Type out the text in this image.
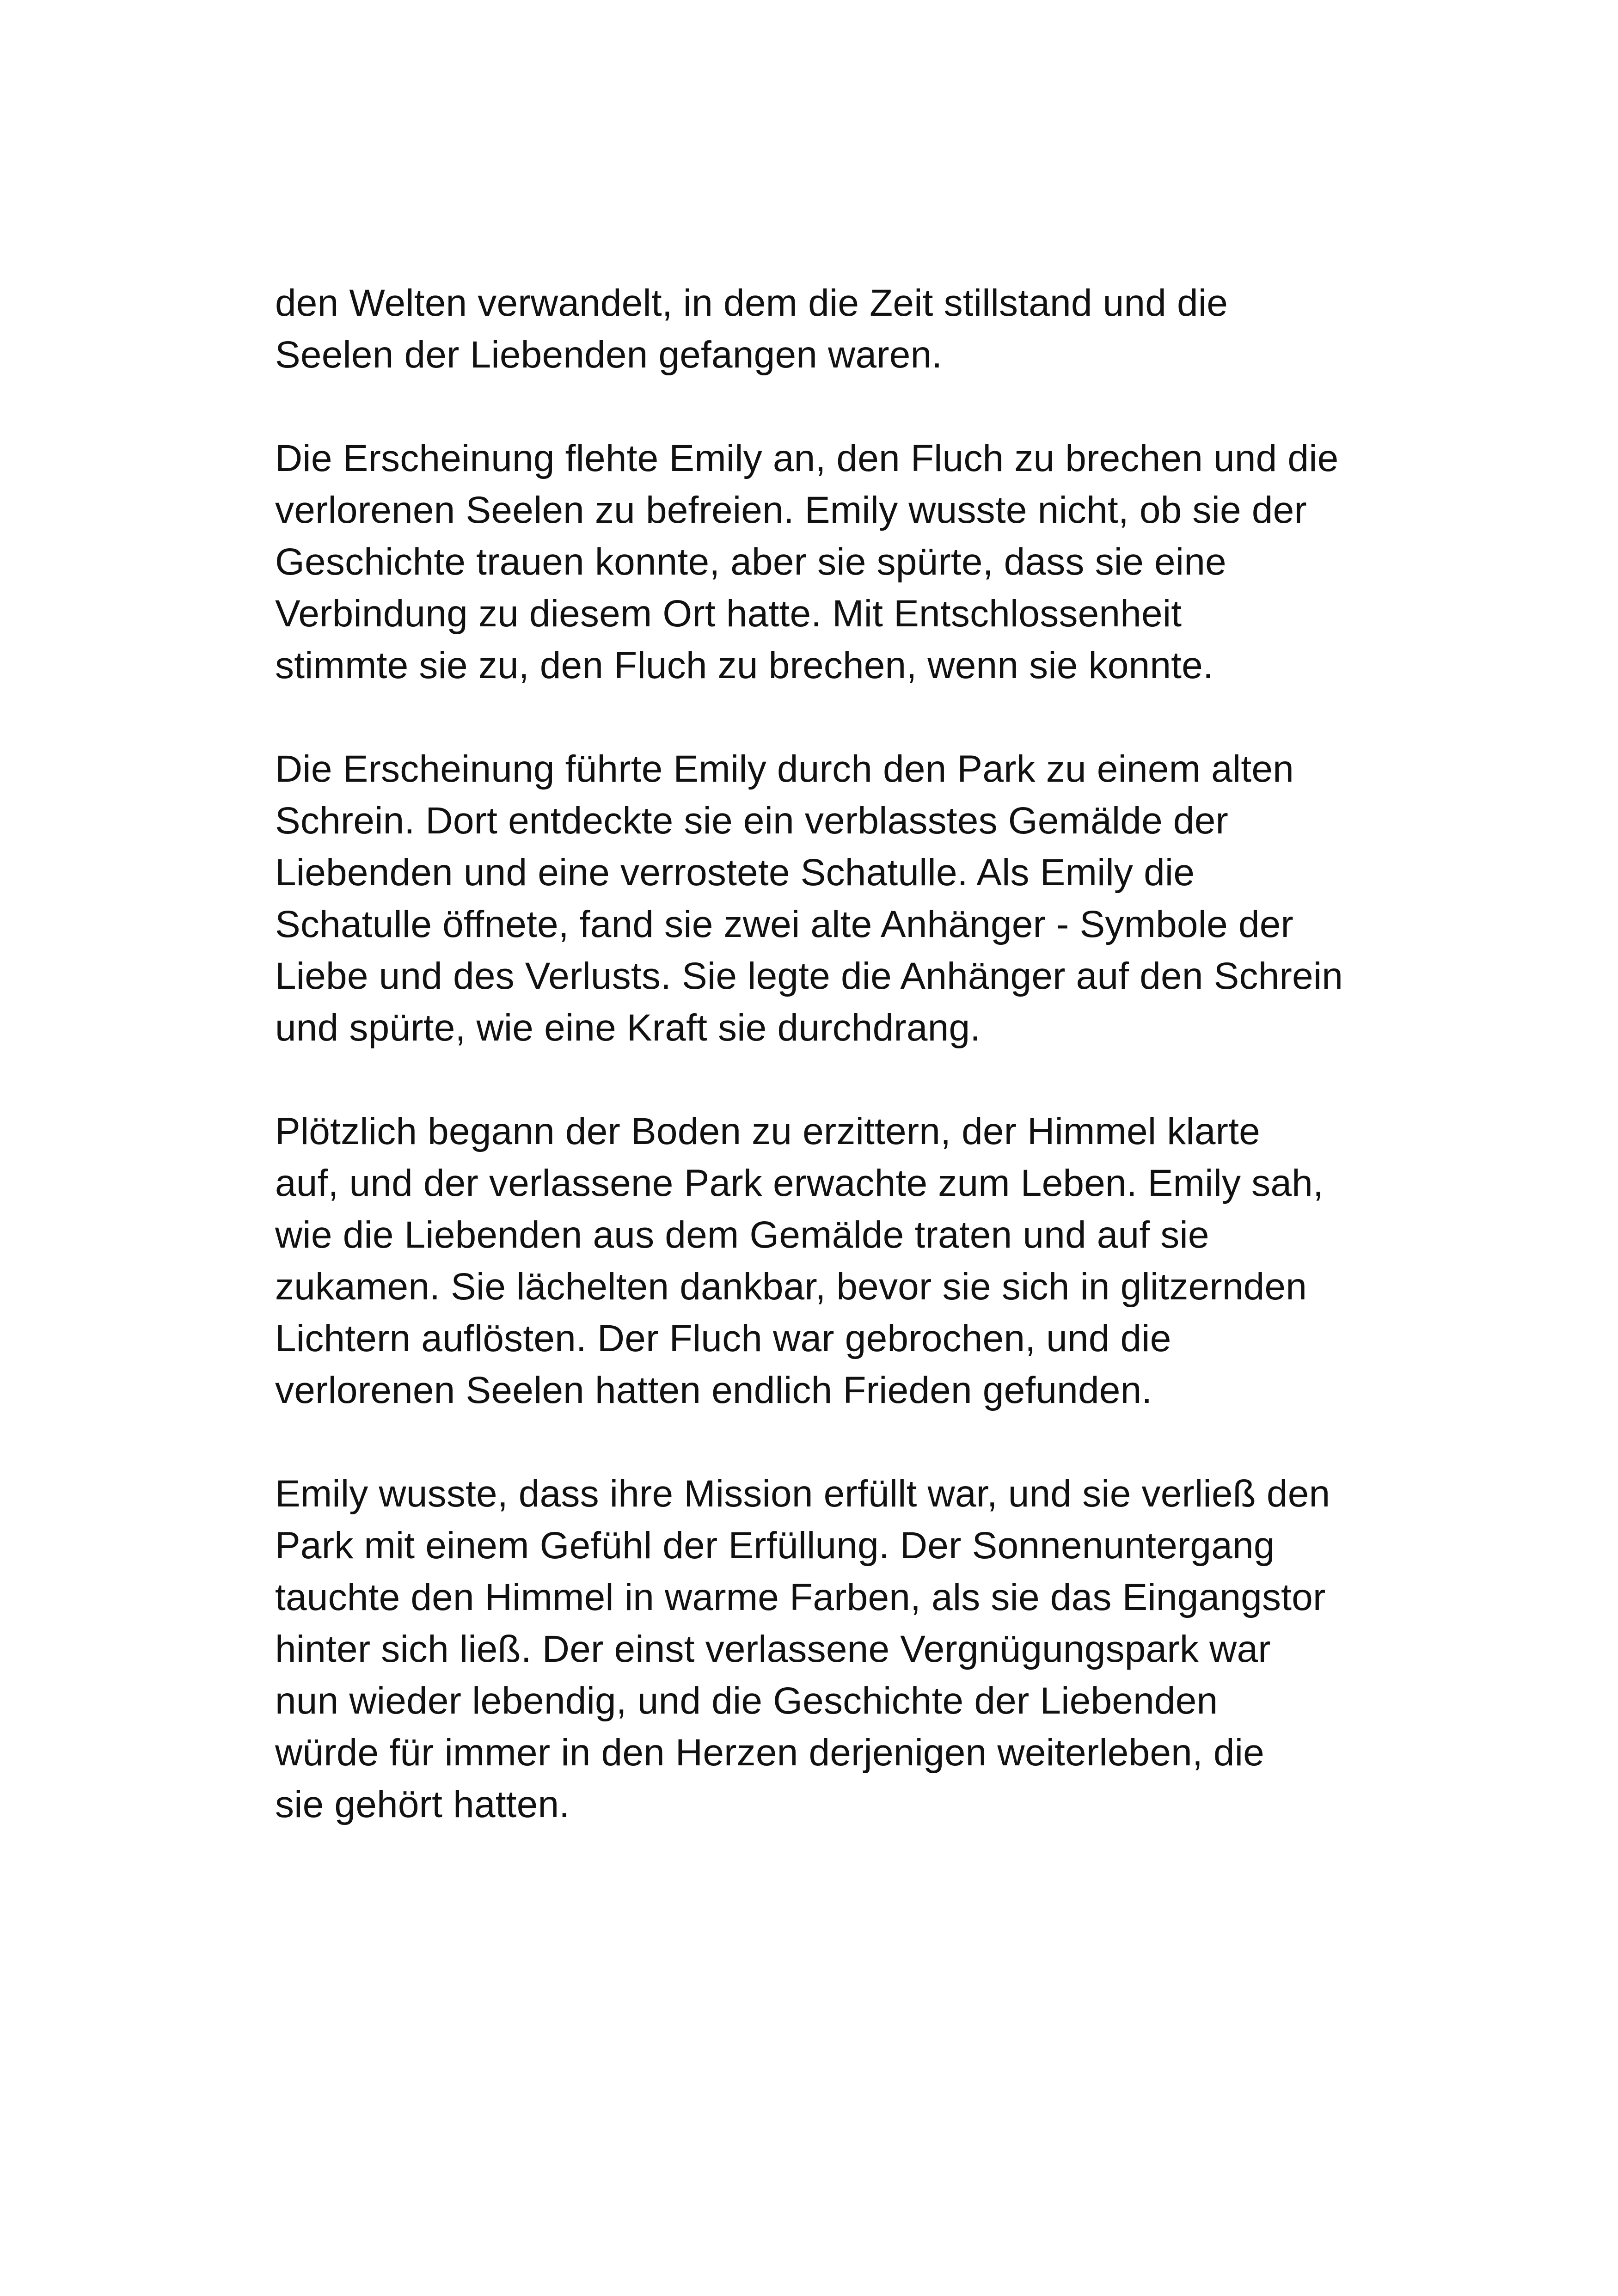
den Welten verwandelt, in dem die Zeit stillstand und die
Seelen der Liebenden gefangen waren.

Die Erscheinung flehte Emily an, den Fluch zu brechen und die
verlorenen Seelen zu befreien. Emily wusste nicht, ob sie der
Geschichte trauen konnte, aber sie spürte, dass sie eine
Verbindung zu diesem Ort hatte. Mit Entschlossenheit
stimmte sie zu, den Fluch zu brechen, wenn sie konnte.

Die Erscheinung führte Emily durch den Park zu einem alten
Schrein. Dort entdeckte sie ein verblasstes Gemälde der
Liebenden und eine verrostete Schatulle. Als Emily die
Schatulle öffnete, fand sie zwei alte Anhänger - Symbole der
Liebe und des Verlusts. Sie legte die Anhänger auf den Schrein
und spürte, wie eine Kraft sie durchdrang.

Plötzlich begann der Boden zu erzittern, der Himmel klarte
auf, und der verlassene Park erwachte zum Leben. Emily sah,
wie die Liebenden aus dem Gemälde traten und auf sie
zukamen. Sie lächelten dankbar, bevor sie sich in glitzernden
Lichtern auflösten. Der Fluch war gebrochen, und die
verlorenen Seelen hatten endlich Frieden gefunden.

Emily wusste, dass ihre Mission erfüllt war, und sie verließ den
Park mit einem Gefühl der Erfüllung. Der Sonnenuntergang
tauchte den Himmel in warme Farben, als sie das Eingangstor
hinter sich ließ. Der einst verlassene Vergnügungspark war
nun wieder lebendig, und die Geschichte der Liebenden
würde für immer in den Herzen derjenigen weiterleben, die
sie gehört hatten.
